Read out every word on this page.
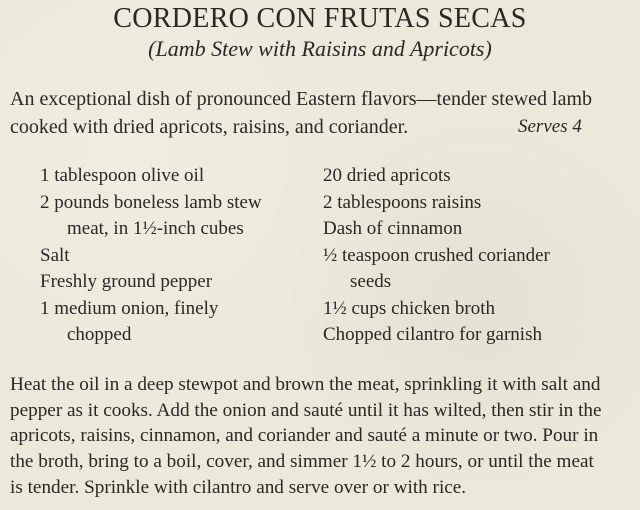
CORDERO CON FRUTAS SECAS
(Lamb Stew with Raisins and Apricots)
An exceptional dish of pronounced Eastern flavors—tender stewed lamb
cooked with dried apricots, raisins, and coriander.	Serves 4
1 tablespoon olive oil
2 pounds boneless lamb stew
meat, in 1½-inch cubes
Salt
Freshly ground pepper
1 medium onion, finely
chopped
20 dried apricots
2 tablespoons raisins
Dash of cinnamon
½ teaspoon crushed coriander
seeds
1½ cups chicken broth
Chopped cilantro for garnish
Heat the oil in a deep stewpot and brown the meat, sprinkling it with salt and
pepper as it cooks. Add the onion and sauté until it has wilted, then stir in the
apricots, raisins, cinnamon, and coriander and sauté a minute or two. Pour in
the broth, bring to a boil, cover, and simmer 1½ to 2 hours, or until the meat
is tender. Sprinkle with cilantro and serve over or with rice.
